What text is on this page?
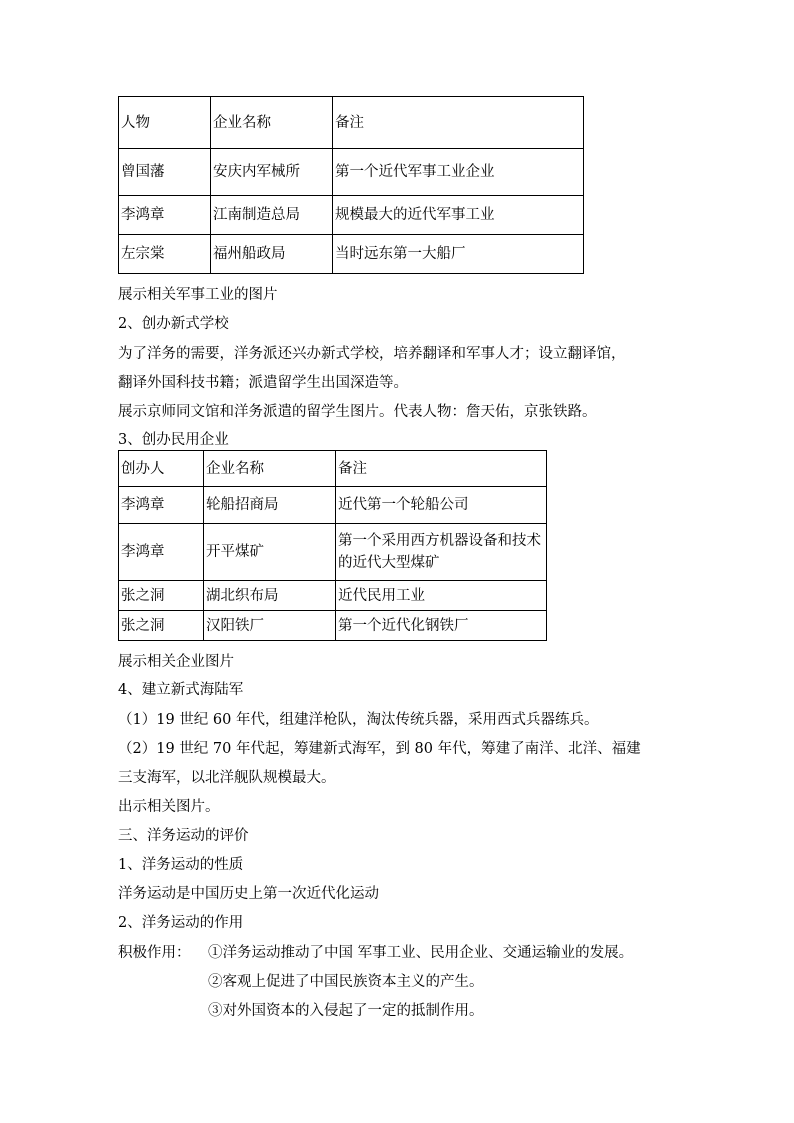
人物	企业名称	备注
曾国藩	安庆内军械所	第一个近代军事工业企业
李鸿章	江南制造总局	规模最大的近代军事工业
左宗棠	福州船政局	当时远东第一大船厂
展示相关军事工业的图片
2、创办新式学校
为了洋务的需要，洋务派还兴办新式学校，培养翻译和军事人才；设立翻译馆，
翻译外国科技书籍；派遣留学生出国深造等。
展示京师同文馆和洋务派遣的留学生图片。代表人物：詹天佑，京张铁路。
3、创办民用企业
创办人	企业名称	备注
李鸿章	轮船招商局	近代第一个轮船公司
李鸿章	开平煤矿	第一个采用西方机器设备和技术的近代大型煤矿
张之洞	湖北织布局	近代民用工业
张之洞	汉阳铁厂	第一个近代化钢铁厂
展示相关企业图片
4、建立新式海陆军
（1）19 世纪 60 年代，组建洋枪队，淘汰传统兵器，采用西式兵器练兵。
（2）19 世纪 70 年代起，筹建新式海军，到 80 年代，筹建了南洋、北洋、福建
三支海军，以北洋舰队规模最大。
出示相关图片。
三、洋务运动的评价
1、洋务运动的性质
洋务运动是中国历史上第一次近代化运动
2、洋务运动的作用
积极作用： ①洋务运动推动了中国 军事工业、民用企业、交通运输业的发展。
②客观上促进了中国民族资本主义的产生。
③对外国资本的入侵起了一定的抵制作用。
